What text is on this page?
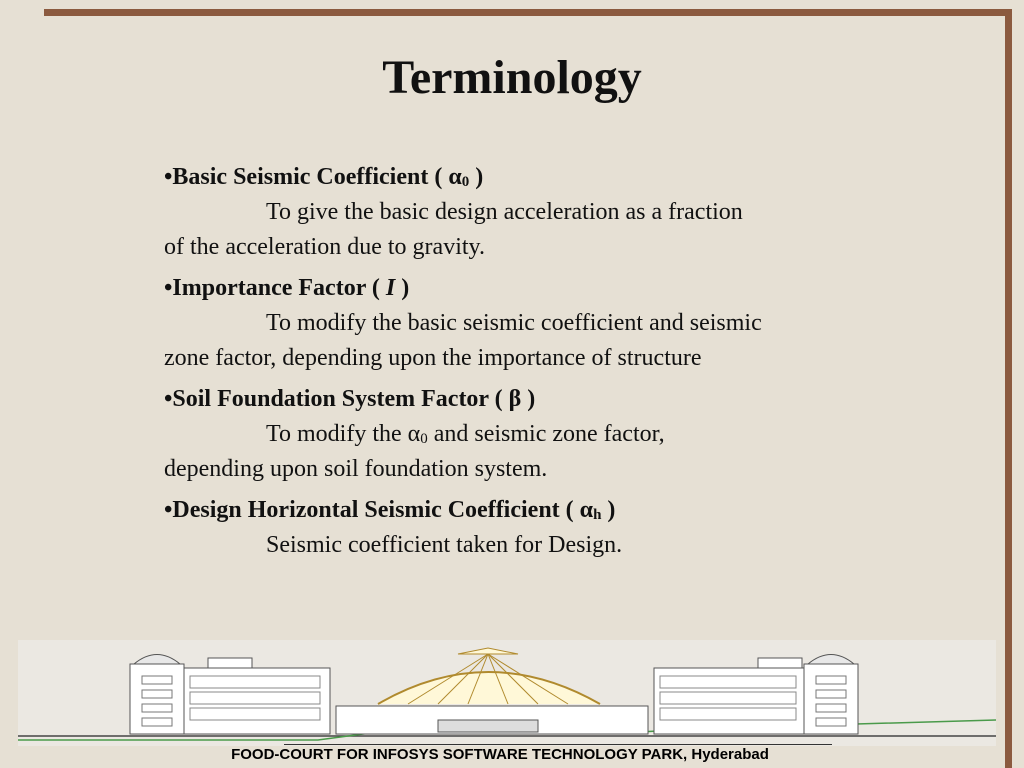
Terminology
•Basic Seismic Coefficient ( $\alpha_0$ )
To give the basic design acceleration as a fraction
of the acceleration due to gravity.
•Importance Factor ( I )
To modify the basic seismic coefficient and seismic
zone factor, depending upon the importance of structure
•Soil Foundation System Factor ( β )
To modify the $\alpha_0$ and seismic zone factor,
depending upon soil foundation system.
•Design Horizontal Seismic Coefficient ( $\alpha_h$ )
Seismic coefficient taken for Design.
FOOD-COURT FOR INFOSYS SOFTWARE TECHNOLOGY PARK, Hyderabad
